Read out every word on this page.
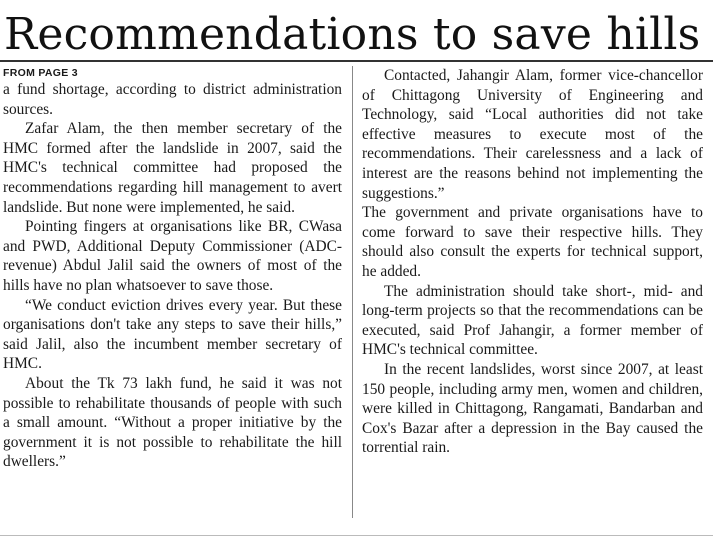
Recommendations to save hills
FROM PAGE 3

a fund shortage, according to district administration sources.

Zafar Alam, the then member secretary of the HMC formed after the landslide in 2007, said the HMC's technical committee had proposed the recommendations regarding hill management to avert landslide. But none were implemented, he said.

Pointing fingers at organisations like BR, CWasa and PWD, Additional Deputy Commissioner (ADC- revenue) Abdul Jalil said the owners of most of the hills have no plan whatsoever to save those.

“We conduct eviction drives every year. But these organisations don't take any steps to save their hills,” said Jalil, also the incumbent member secretary of HMC.

About the Tk 73 lakh fund, he said it was not possible to rehabilitate thousands of people with such a small amount. “Without a proper initiative by the government it is not possible to rehabilitate the hill dwellers.”

Contacted, Jahangir Alam, former vice-chancellor of Chittagong University of Engineering and Technology, said “Local authorities did not take effective measures to execute most of the recommendations. Their carelessness and a lack of interest are the reasons behind not implementing the suggestions.”

The government and private organisations have to come forward to save their respective hills. They should also consult the experts for technical support, he added.

The administration should take short-, mid- and long-term projects so that the recommendations can be executed, said Prof Jahangir, a former member of HMC's technical committee.

In the recent landslides, worst since 2007, at least 150 people, including army men, women and children, were killed in Chittagong, Rangamati, Bandarban and Cox's Bazar after a depression in the Bay caused the torrential rain.
